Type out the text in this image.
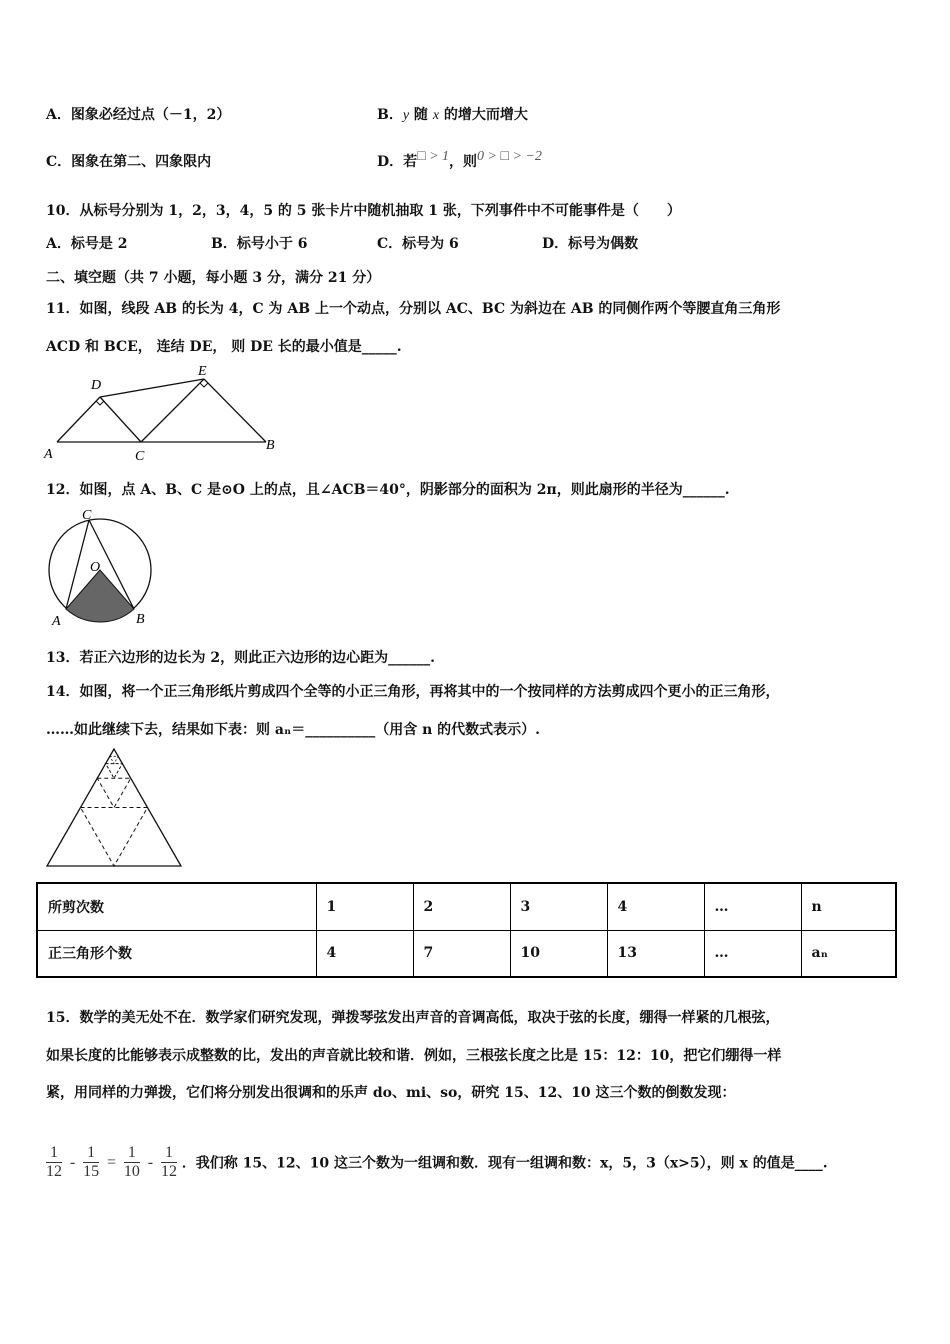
A．图象必经过点（－1，2）	B．y 随 x 的增大而增大
C．图象在第二、四象限内	D．若□ > 1，则0 > □ > −2
10．从标号分别为 1，2，3，4，5 的 5 张卡片中随机抽取 1 张，下列事件中不可能事件是（　　）
A．标号是 2	B．标号小于 6	C．标号为 6	D．标号为偶数
二、填空题（共 7 小题，每小题 3 分，满分 21 分）
11．如图，线段 AB 的长为 4，C 为 AB 上一个动点，分别以 AC、BC 为斜边在 AB 的同侧作两个等腰直角三角形
ACD 和 BCE， 连结 DE， 则 DE 长的最小值是_____.
A
B
C
D
E
12．如图，点 A、B、C 是⊙O 上的点，且∠ACB＝40°，阴影部分的面积为 2π，则此扇形的半径为______.
C
O
A	B
13．若正六边形的边长为 2，则此正六边形的边心距为______.
14．如图，将一个正三角形纸片剪成四个全等的小正三角形，再将其中的一个按同样的方法剪成四个更小的正三角形，
……如此继续下去，结果如下表：则 aₙ＝__________（用含 n 的代数式表示）.
所剪次数	1	2	3	4	…	n
正三角形个数	4	7	10	13	…	aₙ
15．数学的美无处不在．数学家们研究发现，弹拨琴弦发出声音的音调高低，取决于弦的长度，绷得一样紧的几根弦，
如果长度的比能够表示成整数的比，发出的声音就比较和谐．例如，三根弦长度之比是 15：12：10，把它们绷得一样
紧，用同样的力弹拨，它们将分别发出很调和的乐声 do、mi、so，研究 15、12、10 这三个数的倒数发现：
$\frac{1}{12} - \frac{1}{15} = \frac{1}{10} - \frac{1}{12}$ ．我们称 15、12、10 这三个数为一组调和数．现有一组调和数：x，5，3（x>5），则 x 的值是____.
